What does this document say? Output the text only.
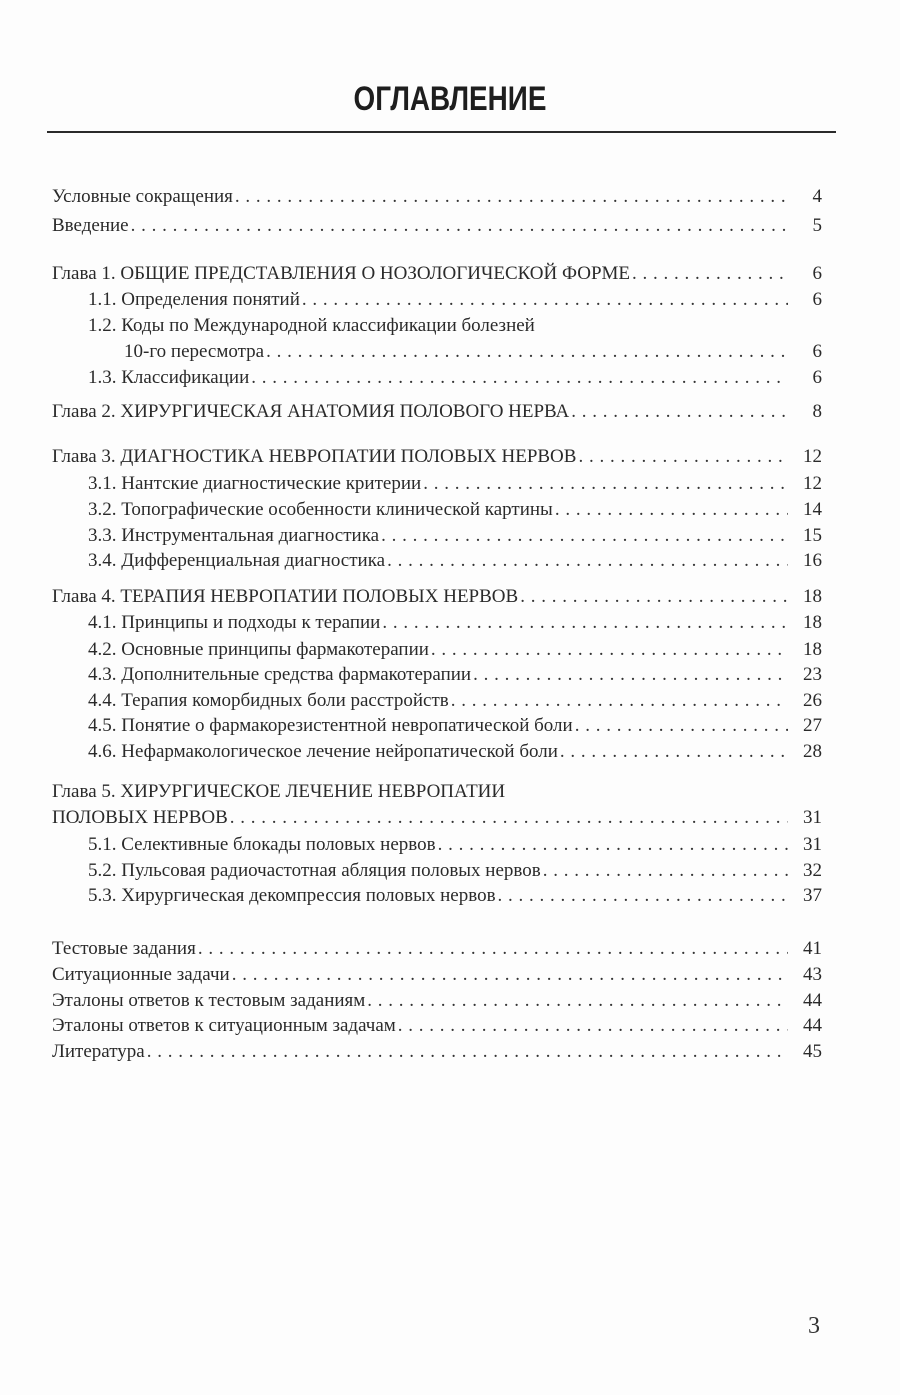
ОГЛАВЛЕНИЕ
Условные сокращения . . .	4
Введение . . .	5
Глава 1. ОБЩИЕ ПРЕДСТАВЛЕНИЯ О НОЗОЛОГИЧЕСКОЙ ФОРМЕ . . .	6
1.1. Определения понятий . . .	6
1.2. Коды по Международной классификации болезней
10-го пересмотра . . .	6
1.3. Классификации . . .	6
Глава 2. ХИРУРГИЧЕСКАЯ АНАТОМИЯ ПОЛОВОГО НЕРВА . . .	8
Глава 3. ДИАГНОСТИКА НЕВРОПАТИИ ПОЛОВЫХ НЕРВОВ . . .	12
3.1. Нантские диагностические критерии . . .	12
3.2. Топографические особенности клинической картины . . .	14
3.3. Инструментальная диагностика . . .	15
3.4. Дифференциальная диагностика . . .	16
Глава 4. ТЕРАПИЯ НЕВРОПАТИИ ПОЛОВЫХ НЕРВОВ . . .	18
4.1. Принципы и подходы к терапии . . .	18
4.2. Основные принципы фармакотерапии . . .	18
4.3. Дополнительные средства фармакотерапии . . .	23
4.4. Терапия коморбидных боли расстройств . . .	26
4.5. Понятие о фармакорезистентной невропатической боли . . .	27
4.6. Нефармакологическое лечение нейропатической боли . . .	28
Глава 5. ХИРУРГИЧЕСКОЕ ЛЕЧЕНИЕ НЕВРОПАТИИ
ПОЛОВЫХ НЕРВОВ . . .	31
5.1. Селективные блокады половых нервов . . .	31
5.2. Пульсовая радиочастотная абляция половых нервов . . .	32
5.3. Хирургическая декомпрессия половых нервов . . .	37
Тестовые задания . . .	41
Ситуационные задачи . . .	43
Эталоны ответов к тестовым заданиям . . .	44
Эталоны ответов к ситуационным задачам . . .	44
Литература . . .	45
3
